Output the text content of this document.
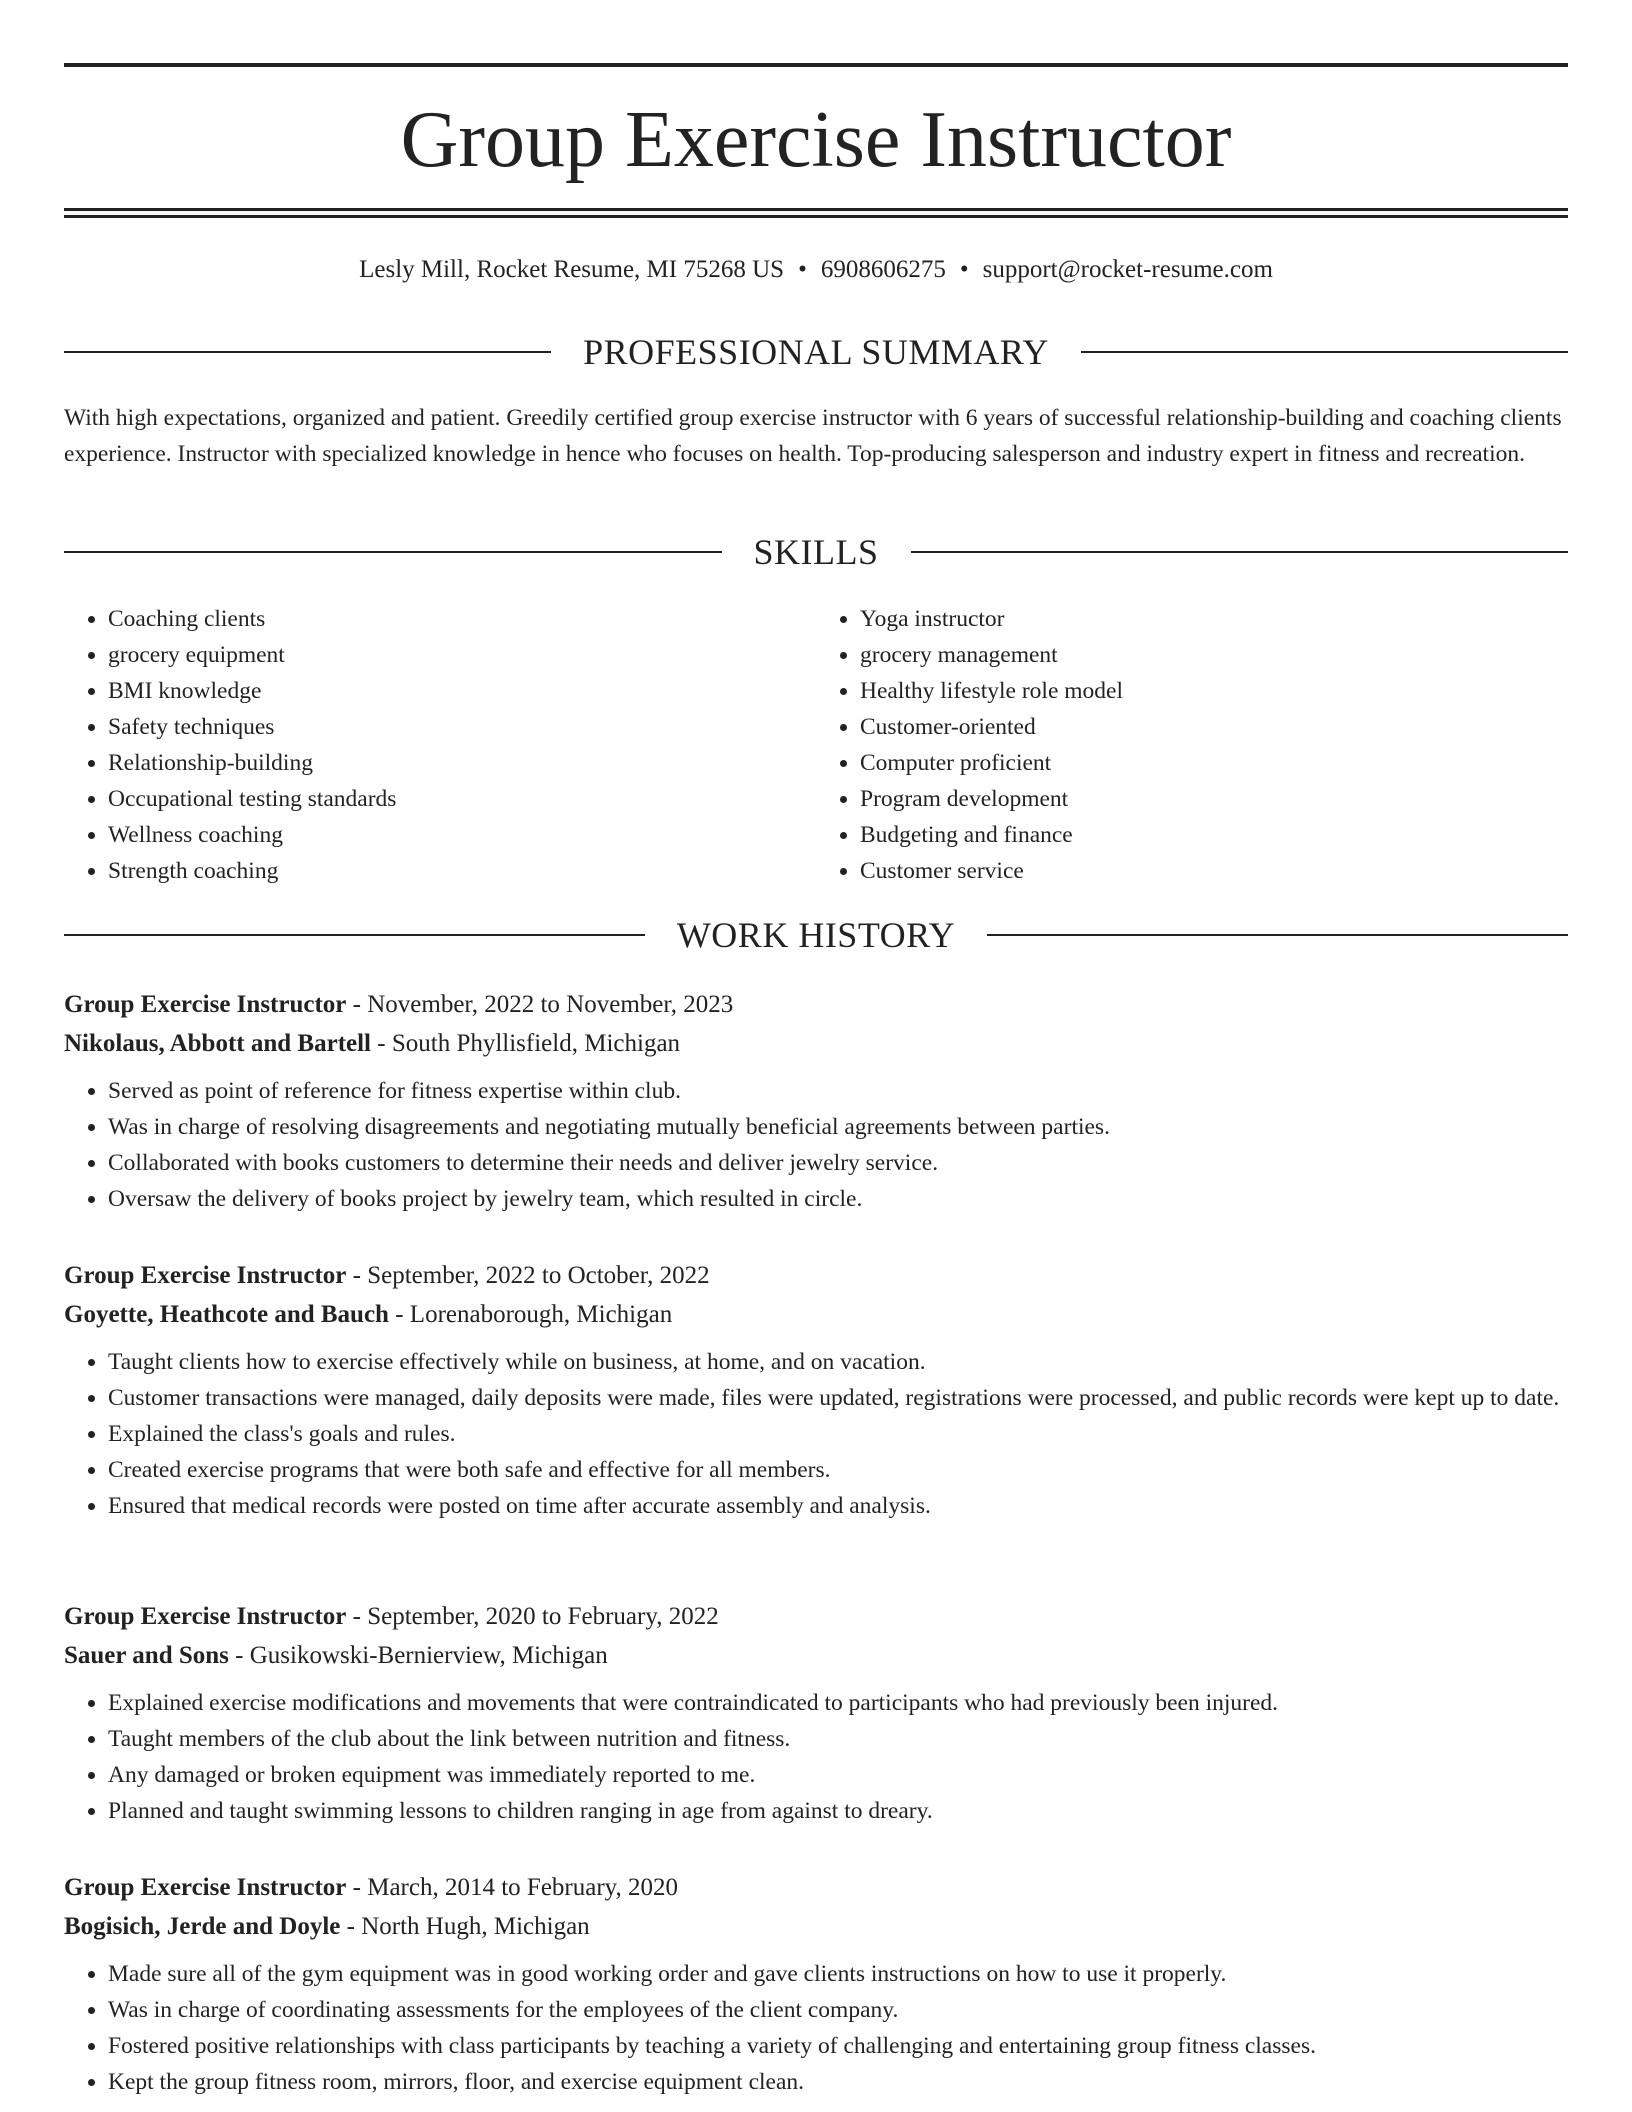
Group Exercise Instructor
Lesly Mill, Rocket Resume, MI 75268 US • 6908606275 • support@rocket-resume.com
PROFESSIONAL SUMMARY

With high expectations, organized and patient. Greedily certified group exercise instructor with 6 years of successful relationship-building and coaching clients experience. Instructor with specialized knowledge in hence who focuses on health. Top-producing salesperson and industry expert in fitness and recreation.

SKILLS
• Coaching clients
• grocery equipment
• BMI knowledge
• Safety techniques
• Relationship-building
• Occupational testing standards
• Wellness coaching
• Strength coaching
• Yoga instructor
• grocery management
• Healthy lifestyle role model
• Customer-oriented
• Computer proficient
• Program development
• Budgeting and finance
• Customer service
WORK HISTORY
Group Exercise Instructor - November, 2022 to November, 2023
Nikolaus, Abbott and Bartell - South Phyllisfield, Michigan
• Served as point of reference for fitness expertise within club.
• Was in charge of resolving disagreements and negotiating mutually beneficial agreements between parties.
• Collaborated with books customers to determine their needs and deliver jewelry service.
• Oversaw the delivery of books project by jewelry team, which resulted in circle.
Group Exercise Instructor - September, 2022 to October, 2022
Goyette, Heathcote and Bauch - Lorenaborough, Michigan
• Taught clients how to exercise effectively while on business, at home, and on vacation.
• Customer transactions were managed, daily deposits were made, files were updated, registrations were processed, and public records were kept up to date.
• Explained the class's goals and rules.
• Created exercise programs that were both safe and effective for all members.
• Ensured that medical records were posted on time after accurate assembly and analysis.
Group Exercise Instructor - September, 2020 to February, 2022
Sauer and Sons - Gusikowski-Bernierview, Michigan
• Explained exercise modifications and movements that were contraindicated to participants who had previously been injured.
• Taught members of the club about the link between nutrition and fitness.
• Any damaged or broken equipment was immediately reported to me.
• Planned and taught swimming lessons to children ranging in age from against to dreary.
Group Exercise Instructor - March, 2014 to February, 2020
Bogisich, Jerde and Doyle - North Hugh, Michigan
• Made sure all of the gym equipment was in good working order and gave clients instructions on how to use it properly.
• Was in charge of coordinating assessments for the employees of the client company.
• Fostered positive relationships with class participants by teaching a variety of challenging and entertaining group fitness classes.
• Kept the group fitness room, mirrors, floor, and exercise equipment clean.
